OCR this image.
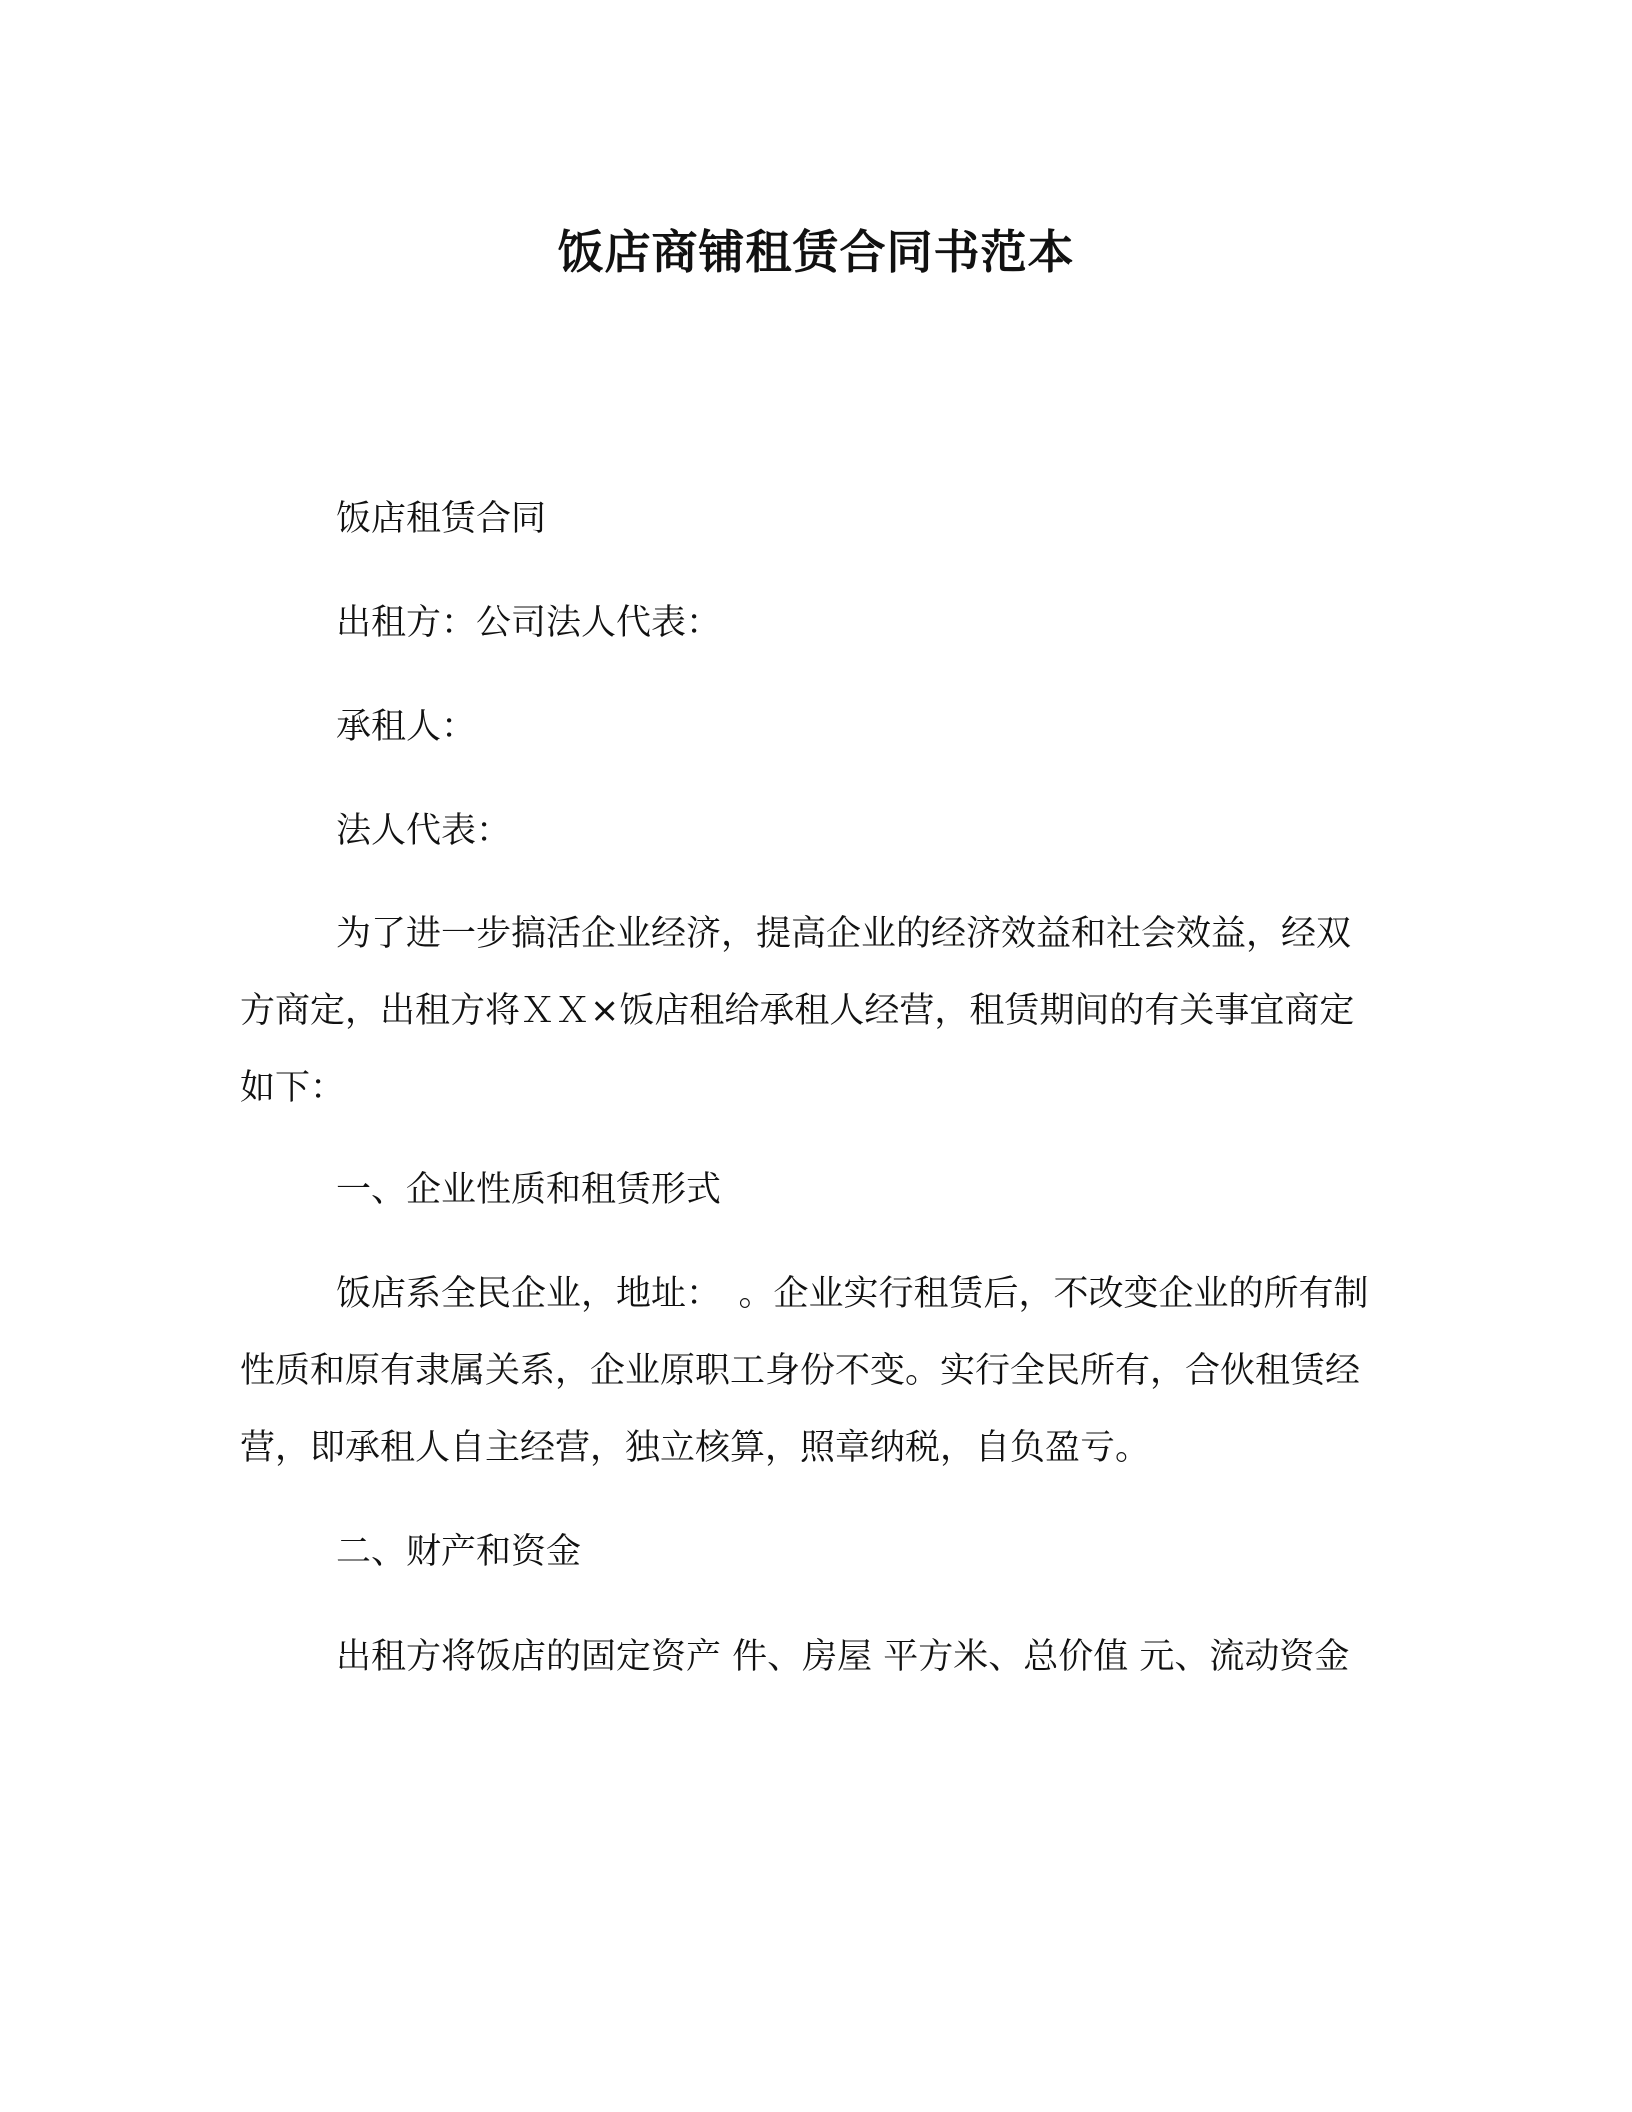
饭店商铺租赁合同书范本

饭店租赁合同

出租方：公司法人代表：

承租人：

法人代表：

为了进一步搞活企业经济，提高企业的经济效益和社会效益，经双方商定，出租方将ＸＸ×饭店租给承租人经营，租赁期间的有关事宜商定如下：

一、企业性质和租赁形式

饭店系全民企业，地址：　。企业实行租赁后，不改变企业的所有制性质和原有隶属关系，企业原职工身份不变。实行全民所有，合伙租赁经营，即承租人自主经营，独立核算，照章纳税，自负盈亏。

二、财产和资金

出租方将饭店的固定资产 件、房屋 平方米、总价值 元、流动资金
